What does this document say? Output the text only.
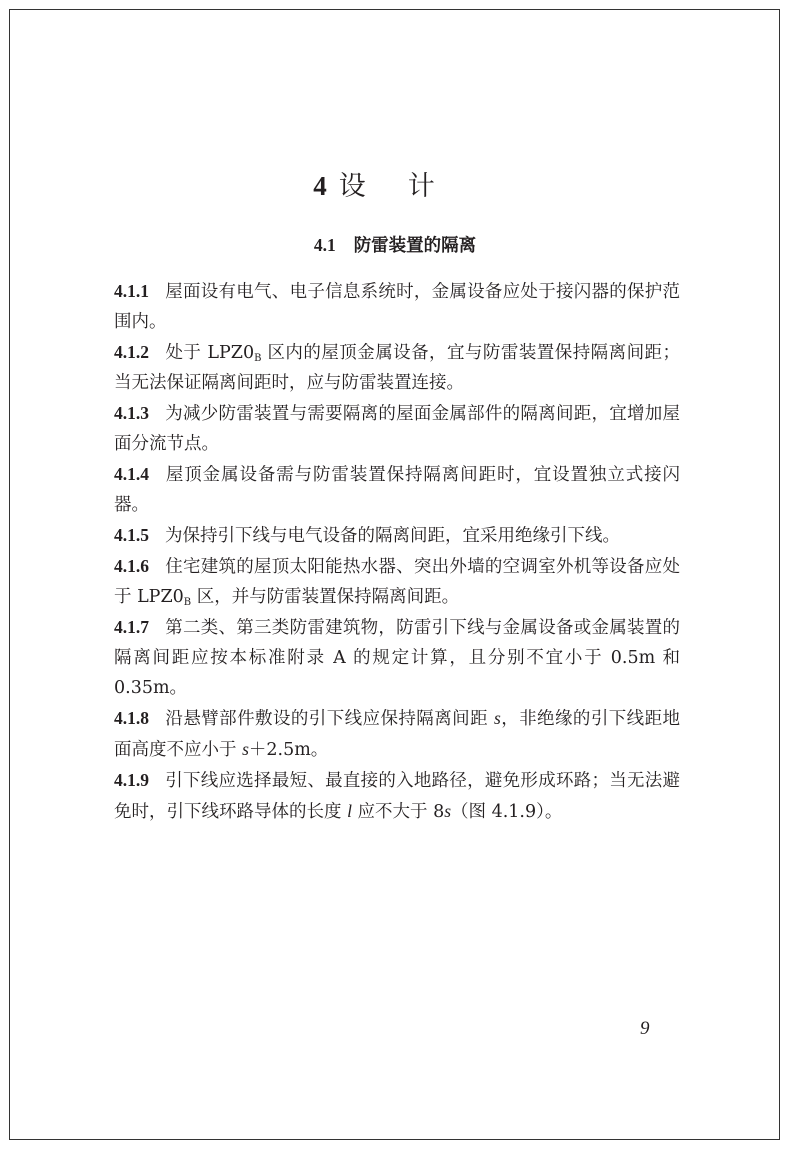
4 设计
4.1 防雷装置的隔离

4.1.1 屋面设有电气、电子信息系统时，金属设备应处于接闪器的保护范围内。

4.1.2 处于 $LPZ0_B$ 区内的屋顶金属设备，宜与防雷装置保持隔离间距；当无法保证隔离间距时，应与防雷装置连接。

4.1.3 为减少防雷装置与需要隔离的屋面金属部件的隔离间距，宜增加屋面分流节点。

4.1.4 屋顶金属设备需与防雷装置保持隔离间距时，宜设置独立式接闪器。

4.1.5 为保持引下线与电气设备的隔离间距，宜采用绝缘引下线。

4.1.6 住宅建筑的屋顶太阳能热水器、突出外墙的空调室外机等设备应处于 $LPZ0_B$ 区，并与防雷装置保持隔离间距。

4.1.7 第二类、第三类防雷建筑物，防雷引下线与金属设备或金属装置的隔离间距应按本标准附录 A 的规定计算，且分别不宜小于 0.5m 和 0.35m。

4.1.8 沿悬臂部件敷设的引下线应保持隔离间距 s，非绝缘的引下线距地面高度不应小于 s＋2.5m。

4.1.9 引下线应选择最短、最直接的入地路径，避免形成环路；当无法避免时，引下线环路导体的长度 l 应不大于 8s（图 4.1.9）。

9
